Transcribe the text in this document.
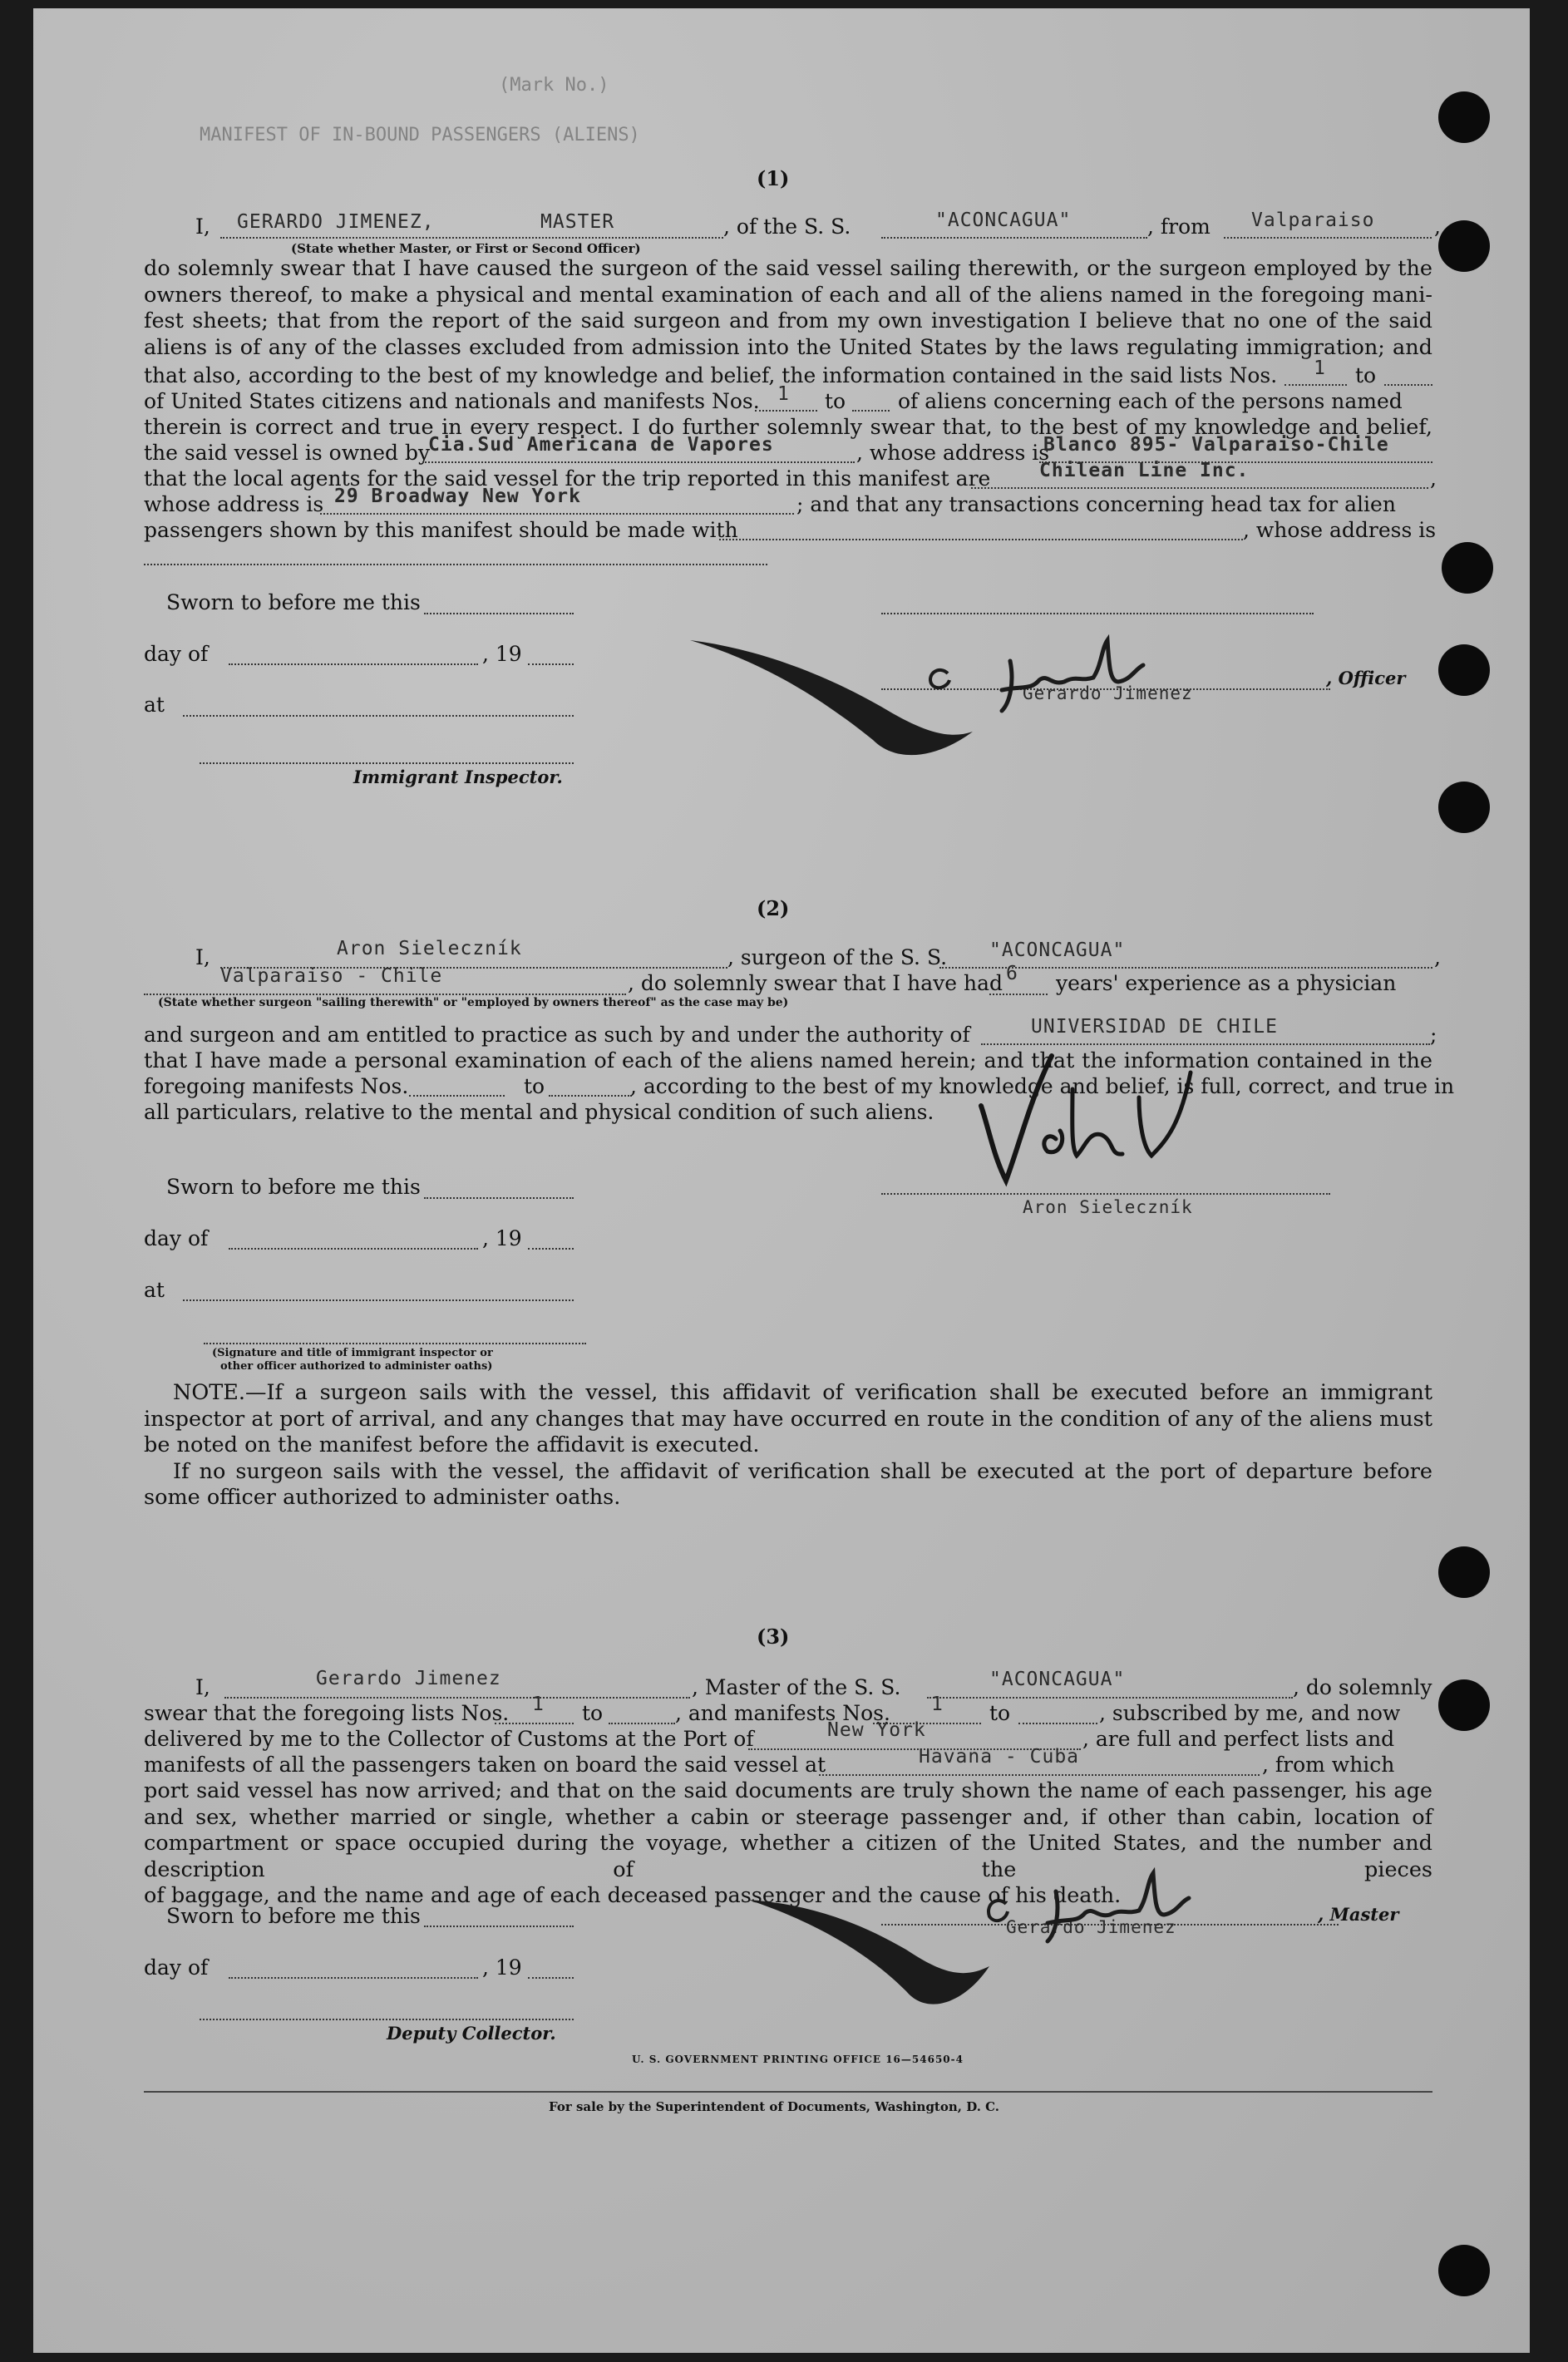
(Mark No.)
MANIFEST OF IN-BOUND PASSENGERS (ALIENS)
(1)
I, GERARDO JIMENEZ,	MASTER
(State whether Master, or First or Second Officer)
, of the S. S.	"ACONCAGUA"	, from Valparaiso	,
do solemnly swear that I have caused the surgeon of the said vessel sailing therewith, or the surgeon employed by the owners thereof, to make a physical and mental examination of each and all of the aliens named in the foregoing mani- fest sheets; that from the report of the said surgeon and from my own investigation I believe that no one of the said aliens is of any of the classes excluded from admission into the United States by the laws regulating immigration; and
that also, according to the best of my knowledge and belief, the information contained in the said lists Nos. 1 to
of United States citizens and nationals and manifests Nos. 1 to	of aliens concerning each of the persons named
therein is correct and true in every respect. I do further solemnly swear that, to the best of my knowledge and belief,
the said vessel is owned by
Cia.Sud Americana de Vapores	, whose address is
Blanco 895- Valparaiso-Chile
that the local agents for the said vessel for the trip reported in this manifest are	Chilean Line Inc.	,
whose address is 29 Broadway New York	; and that any transactions concerning head tax for alien
passengers shown by this manifest should be made with	, whose address is
Sworn to before me this
day of	, 19
at
Immigrant Inspector.
Gerardo Jimenez
, Officer
(2)
I,	Aron Sieleczník	, surgeon of the S. S. "ACONCAGUA"	,
Valparaiso - Chile	, do solemnly swear that I have had 6 years' experience as a physician
(State whether surgeon "sailing therewith" or "employed by owners thereof" as the case may be)
and surgeon and am entitled to practice as such by and under the authority of	UNIVERSIDAD DE CHILE	;
that I have made a personal examination of each of the aliens named herein; and that the information contained in the
foregoing manifests Nos.	to	, according to the best of my knowledge and belief, is full, correct, and true in
all particulars, relative to the mental and physical condition of such aliens.
Sworn to before me this
day of	, 19
at
(Signature and title of immigrant inspector or
other officer authorized to administer oaths)
Aron Sieleczník
NOTE.—If a surgeon sails with the vessel, this affidavit of verification shall be executed before an immigrant
inspector at port of arrival, and any changes that may have occurred en route in the condition of any of the aliens must
be noted on the manifest before the affidavit is executed.
If no surgeon sails with the vessel, the affidavit of verification shall be executed at the port of departure before
some officer authorized to administer oaths.
(3)
I,	Gerardo Jimenez	, Master of the S. S.	"ACONCAGUA"	, do solemnly
swear that the foregoing lists Nos. 1 to	, and manifests Nos. 1 to	, subscribed by me, and now
delivered by me to the Collector of Customs at the Port of	New York	, are full and perfect lists and
manifests of all the passengers taken on board the said vessel at	Havana - Cuba	, from which
port said vessel has now arrived; and that on the said documents are truly shown the name of each passenger, his age and sex, whether married or single, whether a cabin or steerage passenger and, if other than cabin, location of compartment or space occupied during the voyage, whether a citizen of the United States, and the number and description of the pieces
of baggage, and the name and age of each deceased passenger and the cause of his death.
Sworn to before me this
day of	, 19
Deputy Collector.
Gerardo Jimenez
, Master
U. S. GOVERNMENT PRINTING OFFICE 16—54650-4
For sale by the Superintendent of Documents, Washington, D. C.
